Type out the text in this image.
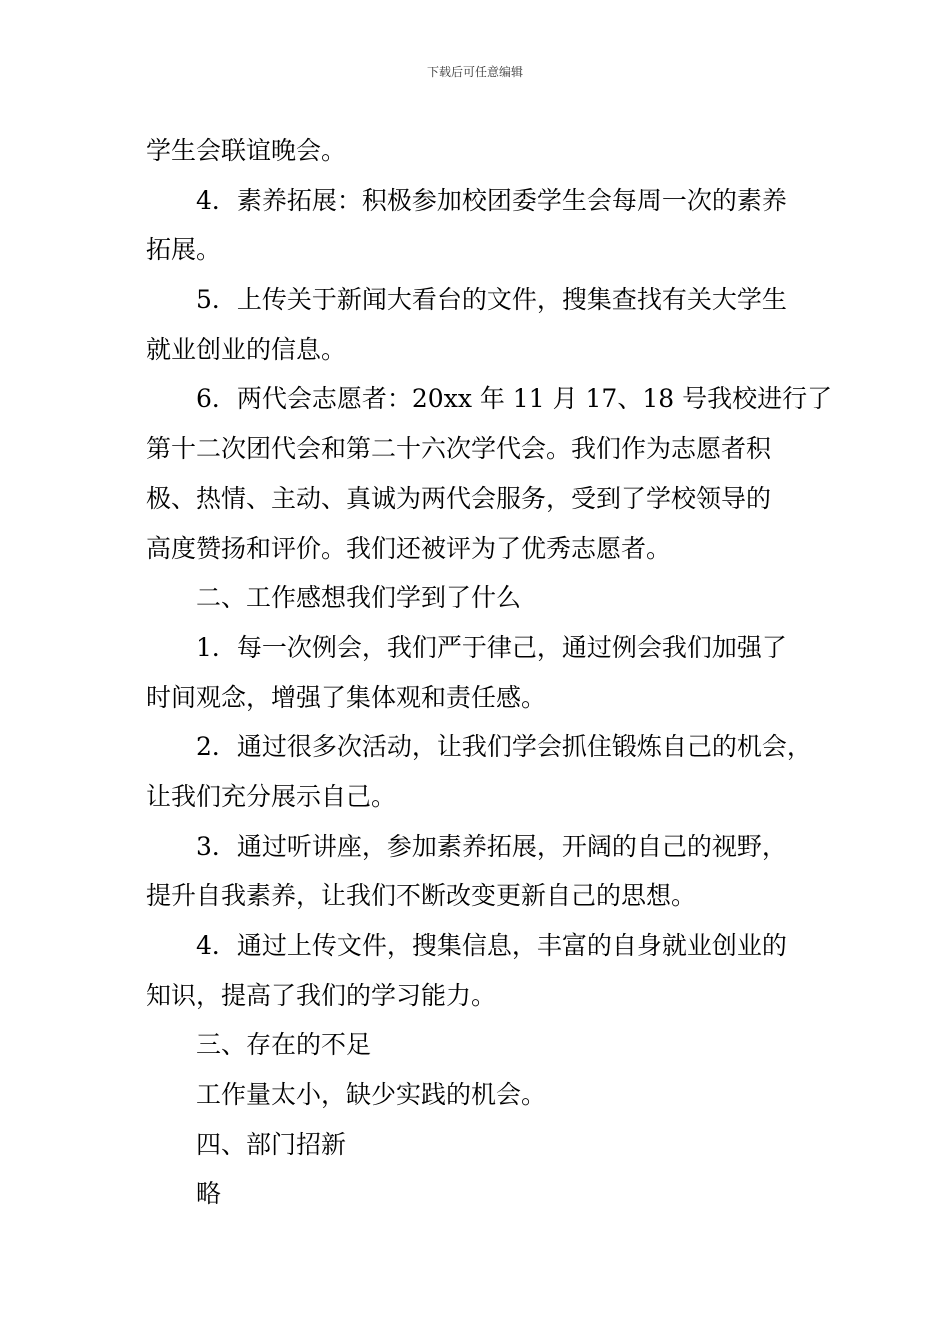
下载后可任意编辑
学生会联谊晚会。
4．素养拓展：积极参加校团委学生会每周一次的素养
拓展。
5．上传关于新闻大看台的文件，搜集查找有关大学生
就业创业的信息。
6．两代会志愿者：20xx 年 11 月 17、18 号我校进行了
第十二次团代会和第二十六次学代会。我们作为志愿者积
极、热情、主动、真诚为两代会服务，受到了学校领导的
高度赞扬和评价。我们还被评为了优秀志愿者。
二、工作感想我们学到了什么
1．每一次例会，我们严于律己，通过例会我们加强了
时间观念，增强了集体观和责任感。
2．通过很多次活动，让我们学会抓住锻炼自己的机会，
让我们充分展示自己。
3．通过听讲座，参加素养拓展，开阔的自己的视野，
提升自我素养，让我们不断改变更新自己的思想。
4．通过上传文件，搜集信息，丰富的自身就业创业的
知识，提高了我们的学习能力。
三、存在的不足
工作量太小，缺少实践的机会。
四、部门招新
略
